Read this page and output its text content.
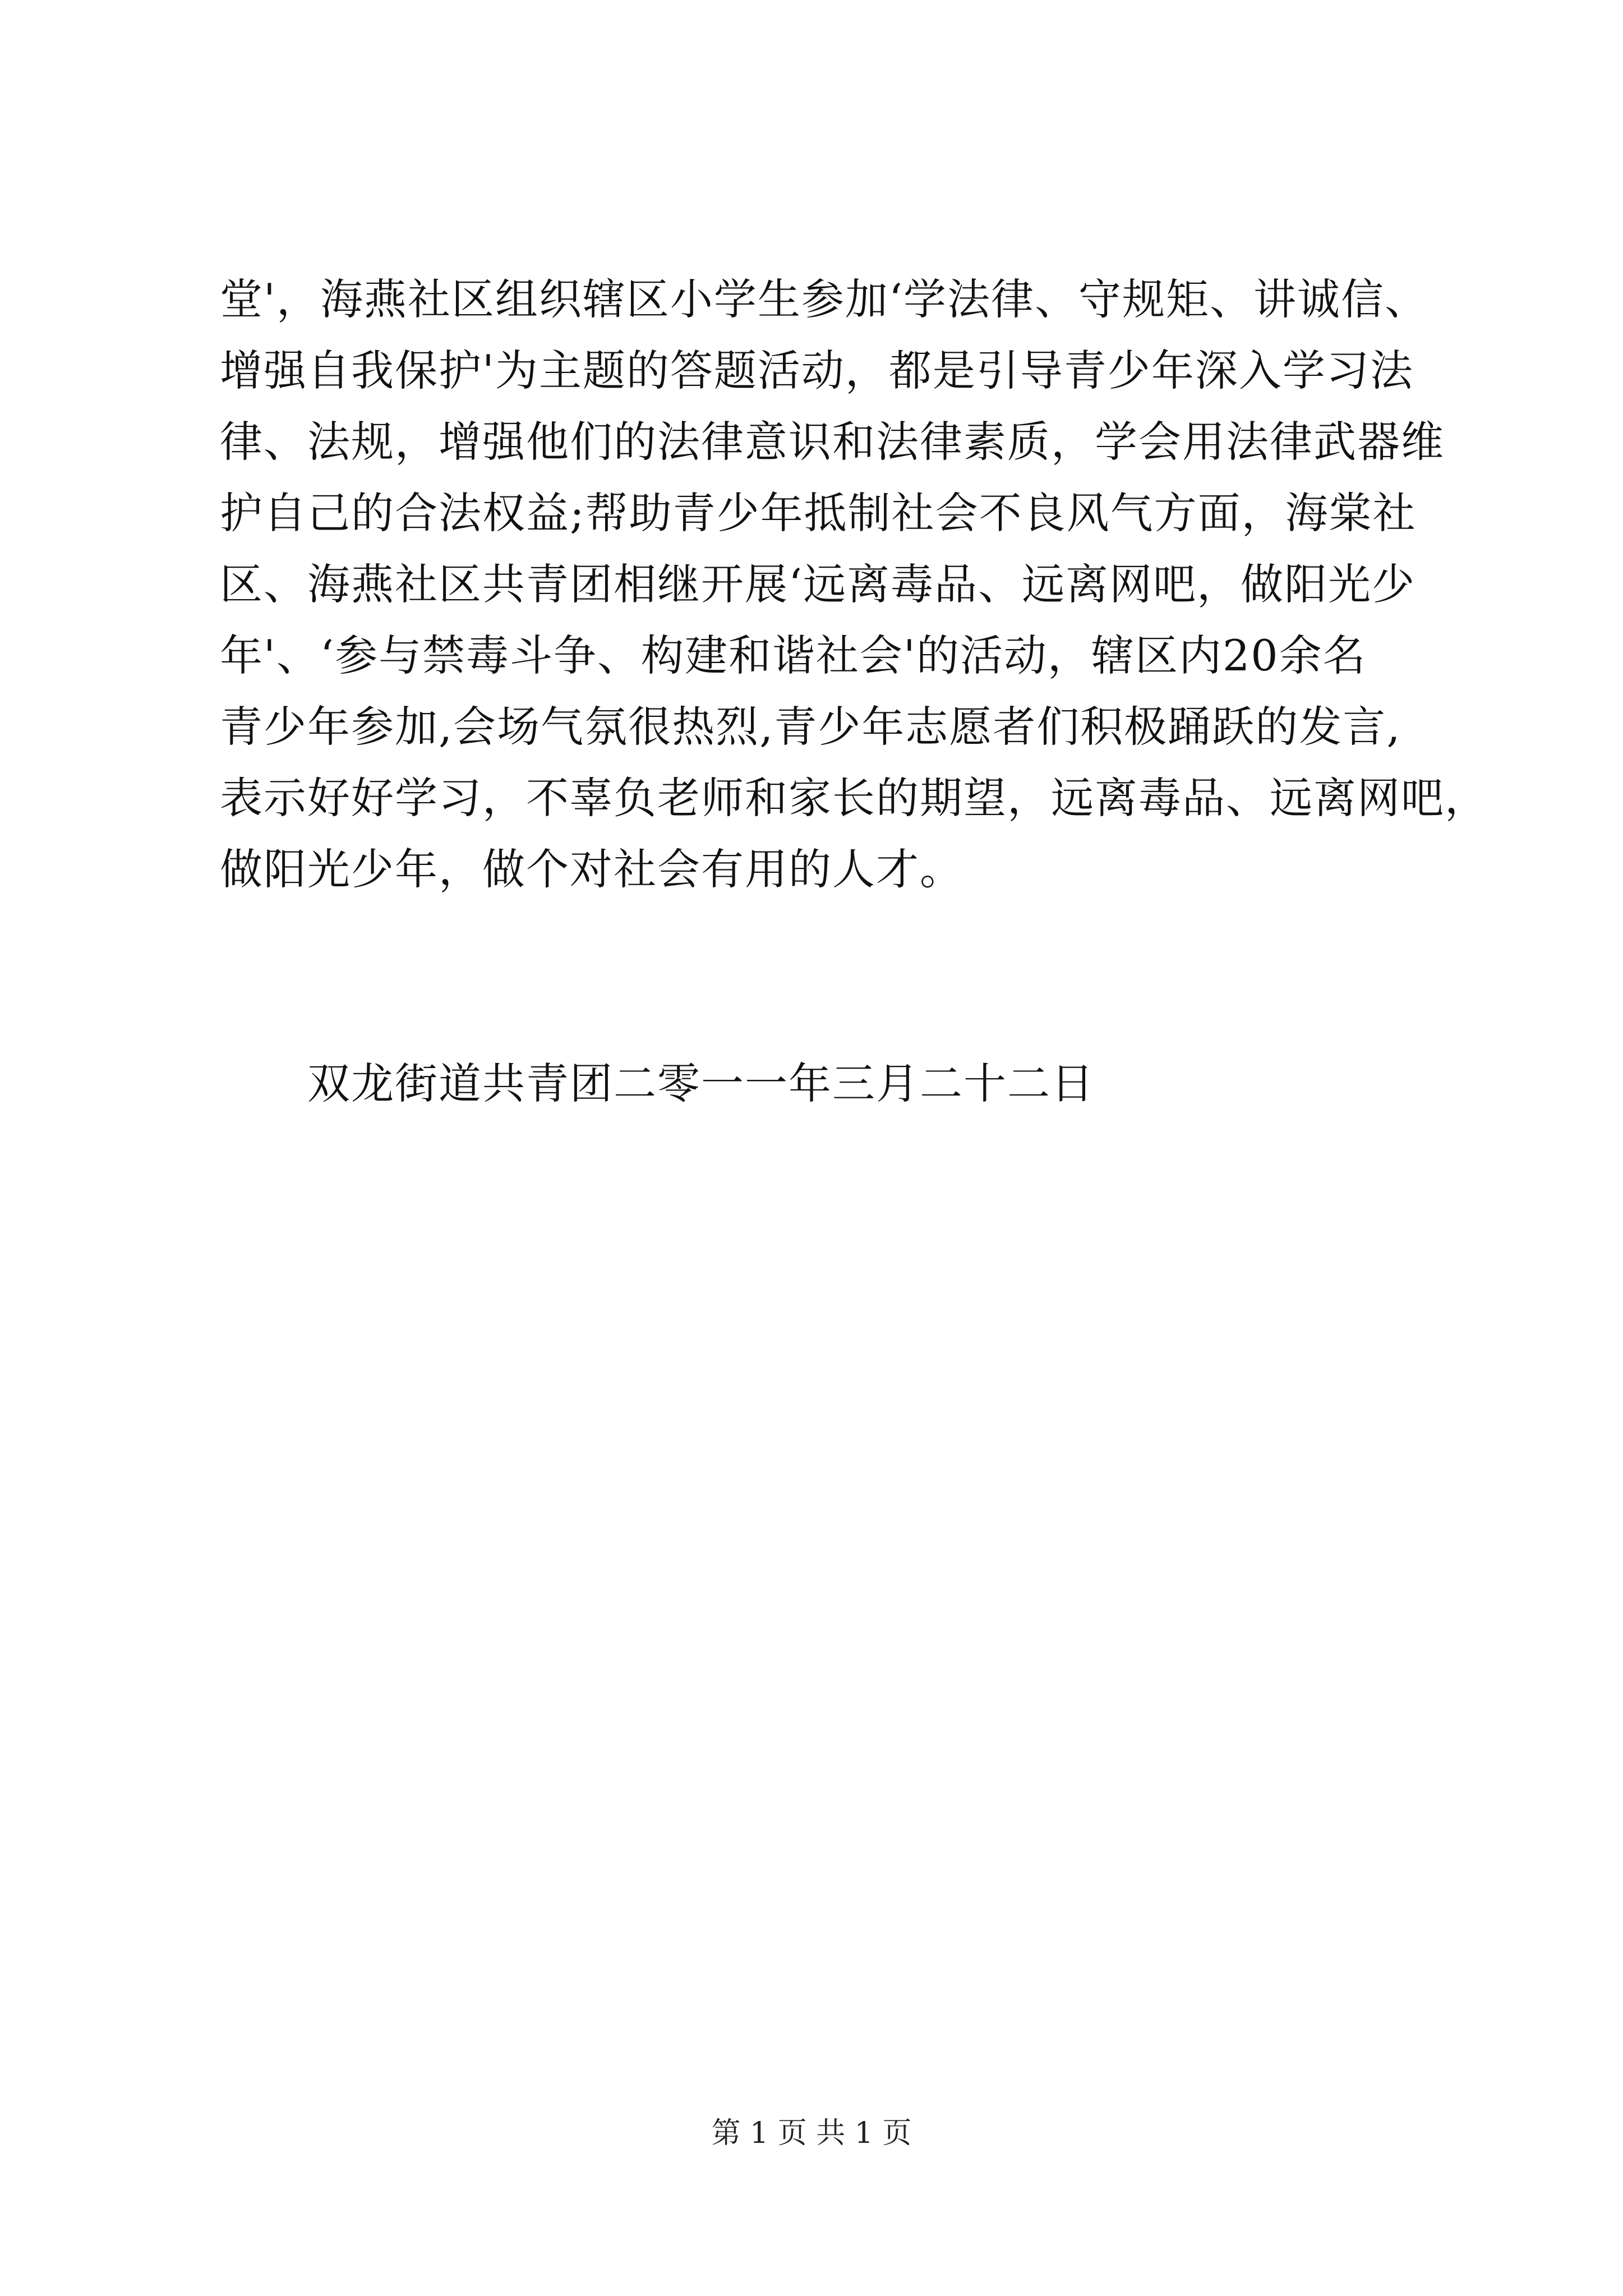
堂'，海燕社区组织辖区小学生参加‘学法律、守规矩、讲诚信、
增强自我保护'为主题的答题活动，都是引导青少年深入学习法
律、法规，增强他们的法律意识和法律素质，学会用法律武器维
护自己的合法权益;帮助青少年抵制社会不良风气方面，海棠社
区、海燕社区共青团相继开展‘远离毒品、远离网吧，做阳光少
年'、‘参与禁毒斗争、构建和谐社会'的活动，辖区内20余名
青少年参加,会场气氛很热烈,青少年志愿者们积极踊跃的发言,
表示好好学习，不辜负老师和家长的期望，远离毒品、远离网吧，
做阳光少年，做个对社会有用的人才。
双龙街道共青团二零一一年三月二十二日
第 1 页 共 1 页
